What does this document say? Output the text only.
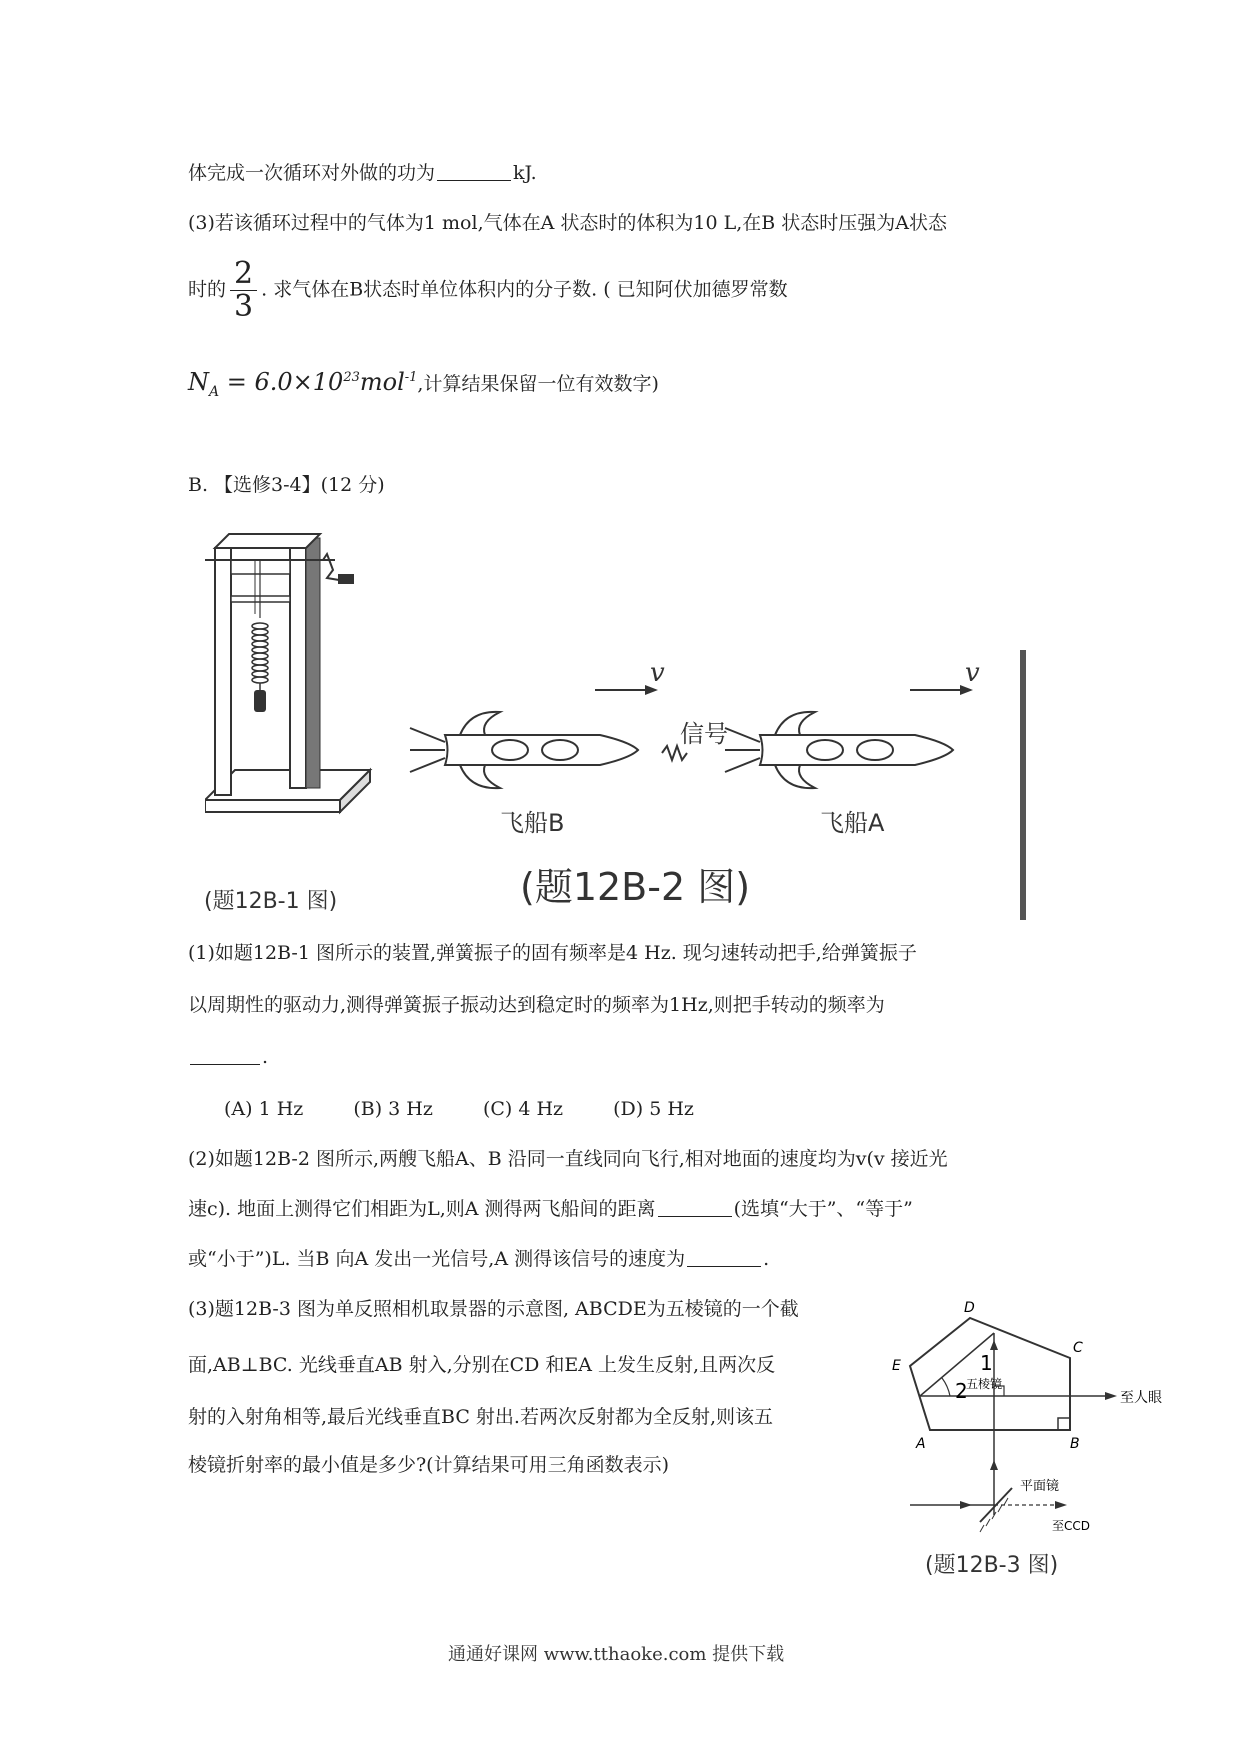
体完成一次循环对外做的功为	kJ.
(3)若该循环过程中的气体为1 mol,气体在A 状态时的体积为10 L,在B 状态时压强为A状态
时的 $\frac{2}{3}$ . 求气体在B状态时单位体积内的分子数. ( 已知阿伏加德罗常数
$N_A = 6.0\times 10^{23}mol^{-1}$,计算结果保留一位有效数字)
B. 【选修3-4】(12 分)
(题12B-1 图)
v	v
信号
飞船B	飞船A
(题12B-2 图)
(1)如题12B-1 图所示的装置,弹簧振子的固有频率是4 Hz. 现匀速转动把手,给弹簧振子
以周期性的驱动力,测得弹簧振子振动达到稳定时的频率为1Hz,则把手转动的频率为
.
(A) 1 Hz	(B) 3 Hz	(C) 4 Hz	(D) 5 Hz
(2)如题12B-2 图所示,两艘飞船A、B 沿同一直线同向飞行,相对地面的速度均为v(v 接近光
速c). 地面上测得它们相距为L,则A 测得两飞船间的距离	(选填“大于”、“等于”
或“小于”)L. 当B 向A 发出一光信号,A 测得该信号的速度为	.
(3)题12B-3 图为单反照相机取景器的示意图, ABCDE为五棱镜的一个截
面,AB⊥BC. 光线垂直AB 射入,分别在CD 和EA 上发生反射,且两次反
射的入射角相等,最后光线垂直BC 射出.若两次反射都为全反射,则该五
棱镜折射率的最小值是多少?(计算结果可用三角函数表示)
D
E
C
A	B
1
2
五棱镜
至人眼
平面镜
至CCD
(题12B-3 图)
通通好课网 www.tthaoke.com 提供下载
